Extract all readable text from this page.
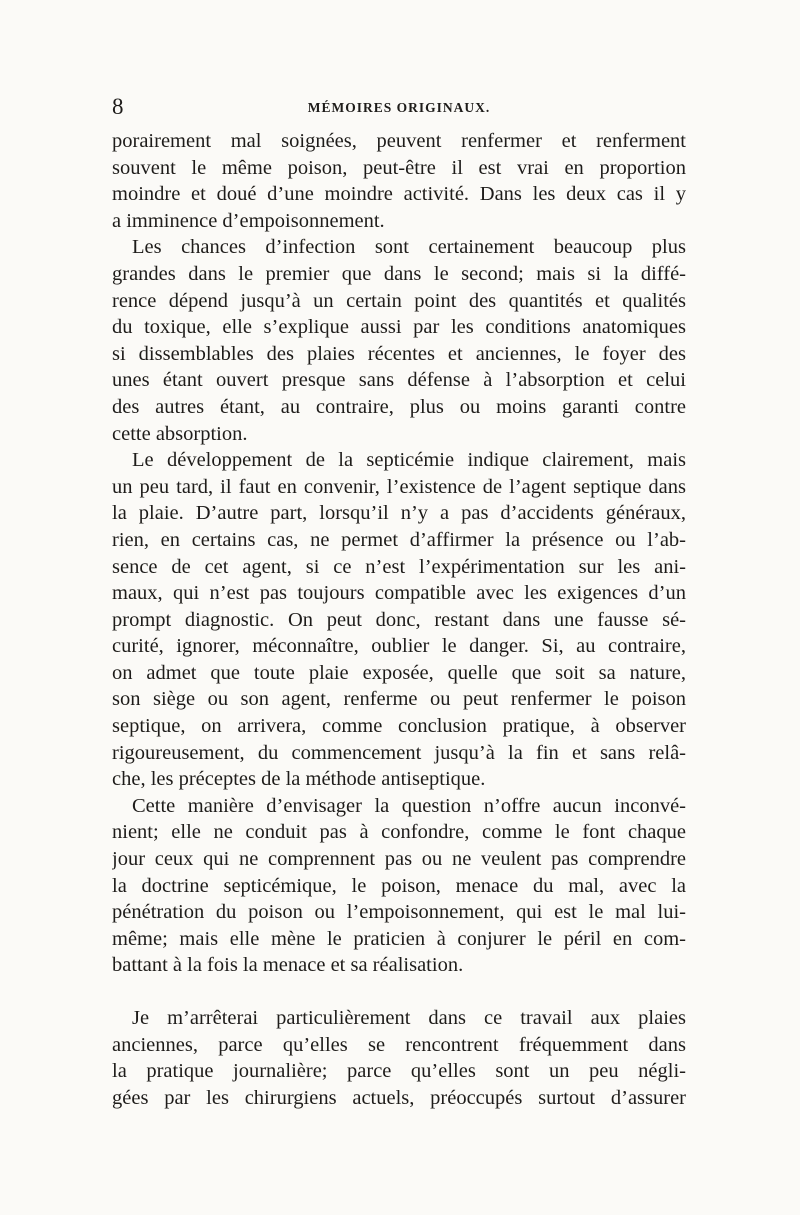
8	MÉMOIRES ORIGINAUX.

porairement mal soignées, peuvent renfermer et renferment
souvent le même poison, peut-être il est vrai en proportion
moindre et doué d’une moindre activité. Dans les deux cas il y
a imminence d’empoisonnement.

Les chances d’infection sont certainement beaucoup plus
grandes dans le premier que dans le second; mais si la diffé-
rence dépend jusqu’à un certain point des quantités et qualités
du toxique, elle s’explique aussi par les conditions anatomiques
si dissemblables des plaies récentes et anciennes, le foyer des
unes étant ouvert presque sans défense à l’absorption et celui
des autres étant, au contraire, plus ou moins garanti contre
cette absorption.

Le développement de la septicémie indique clairement, mais
un peu tard, il faut en convenir, l’existence de l’agent septique dans
la plaie. D’autre part, lorsqu’il n’y a pas d’accidents généraux,
rien, en certains cas, ne permet d’affirmer la présence ou l’ab-
sence de cet agent, si ce n’est l’expérimentation sur les ani-
maux, qui n’est pas toujours compatible avec les exigences d’un
prompt diagnostic. On peut donc, restant dans une fausse sé-
curité, ignorer, méconnaître, oublier le danger. Si, au contraire,
on admet que toute plaie exposée, quelle que soit sa nature,
son siège ou son agent, renferme ou peut renfermer le poison
septique, on arrivera, comme conclusion pratique, à observer
rigoureusement, du commencement jusqu’à la fin et sans relâ-
che, les préceptes de la méthode antiseptique.

Cette manière d’envisager la question n’offre aucun inconvé-
nient; elle ne conduit pas à confondre, comme le font chaque
jour ceux qui ne comprennent pas ou ne veulent pas comprendre
la doctrine septicémique, le poison, menace du mal, avec la
pénétration du poison ou l’empoisonnement, qui est le mal lui-
même; mais elle mène le praticien à conjurer le péril en com-
battant à la fois la menace et sa réalisation.

Je m’arrêterai particulièrement dans ce travail aux plaies
anciennes, parce qu’elles se rencontrent fréquemment dans
la pratique journalière; parce qu’elles sont un peu négli-
gées par les chirurgiens actuels, préoccupés surtout d’assurer
